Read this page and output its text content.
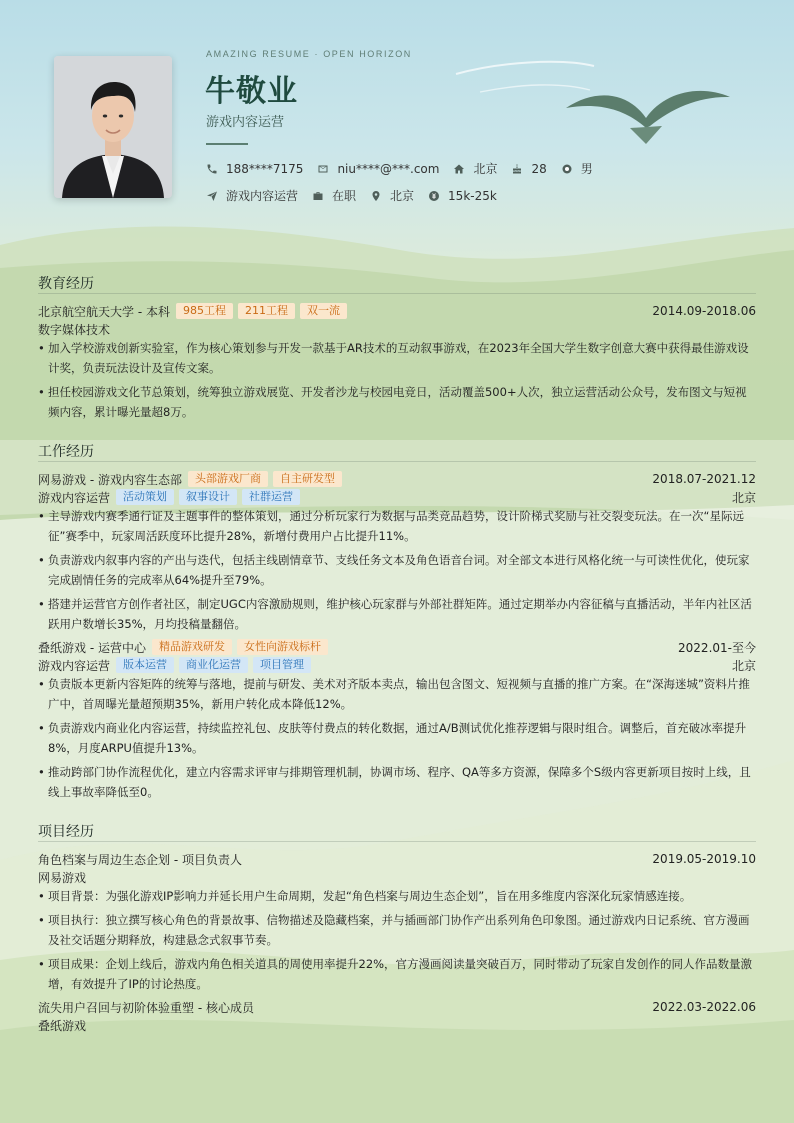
AMAZING RESUME · OPEN HORIZON
牛敬业
游戏内容运营
188****7175	niu****@***.com	北京	28	男
游戏内容运营	在职	北京	15k-25k
教育经历
北京航空航天大学 - 本科	985工程	211工程	双一流	2014.09-2018.06
数字媒体技术
• 加入学校游戏创新实验室，作为核心策划参与开发一款基于AR技术的互动叙事游戏，在2023年全国大学生数字创意大赛中获得最佳游戏设计奖，负责玩法设计及宣传文案。
• 担任校园游戏文化节总策划，统筹独立游戏展览、开发者沙龙与校园电竞日，活动覆盖500+人次，独立运营活动公众号，发布图文与短视频内容，累计曝光量超8万。
工作经历
网易游戏 - 游戏内容生态部	头部游戏厂商	自主研发型	2018.07-2021.12
游戏内容运营	活动策划	叙事设计	社群运营	北京
• 主导游戏内赛季通行证及主题事件的整体策划，通过分析玩家行为数据与品类竞品趋势，设计阶梯式奖励与社交裂变玩法。在一次“星际远征”赛季中，玩家周活跃度环比提升28%，新增付费用户占比提升11%。
• 负责游戏内叙事内容的产出与迭代，包括主线剧情章节、支线任务文本及角色语音台词。对全部文本进行风格化统一与可读性优化，使玩家完成剧情任务的完成率从64%提升至79%。
• 搭建并运营官方创作者社区，制定UGC内容激励规则，维护核心玩家群与外部社群矩阵。通过定期举办内容征稿与直播活动，半年内社区活跃用户数增长35%，月均投稿量翻倍。
叠纸游戏 - 运营中心	精品游戏研发	女性向游戏标杆	2022.01-至今
游戏内容运营	版本运营	商业化运营	项目管理	北京
• 负责版本更新内容矩阵的统筹与落地，提前与研发、美术对齐版本卖点，输出包含图文、短视频与直播的推广方案。在“深海迷城”资料片推广中，首周曝光量超预期35%，新用户转化成本降低12%。
• 负责游戏内商业化内容运营，持续监控礼包、皮肤等付费点的转化数据，通过A/B测试优化推荐逻辑与限时组合。调整后，首充破冰率提升8%，月度ARPU值提升13%。
• 推动跨部门协作流程优化，建立内容需求评审与排期管理机制，协调市场、程序、QA等多方资源，保障多个S级内容更新项目按时上线，且线上事故率降低至0。
项目经历
角色档案与周边生态企划 - 项目负责人	2019.05-2019.10
网易游戏
• 项目背景：为强化游戏IP影响力并延长用户生命周期，发起“角色档案与周边生态企划”，旨在用多维度内容深化玩家情感连接。
• 项目执行：独立撰写核心角色的背景故事、信物描述及隐藏档案，并与插画部门协作产出系列角色印象图。通过游戏内日记系统、官方漫画及社交话题分期释放，构建悬念式叙事节奏。
• 项目成果：企划上线后，游戏内角色相关道具的周使用率提升22%，官方漫画阅读量突破百万，同时带动了玩家自发创作的同人作品数量激增，有效提升了IP的讨论热度。
流失用户召回与初阶体验重塑 - 核心成员	2022.03-2022.06
叠纸游戏
